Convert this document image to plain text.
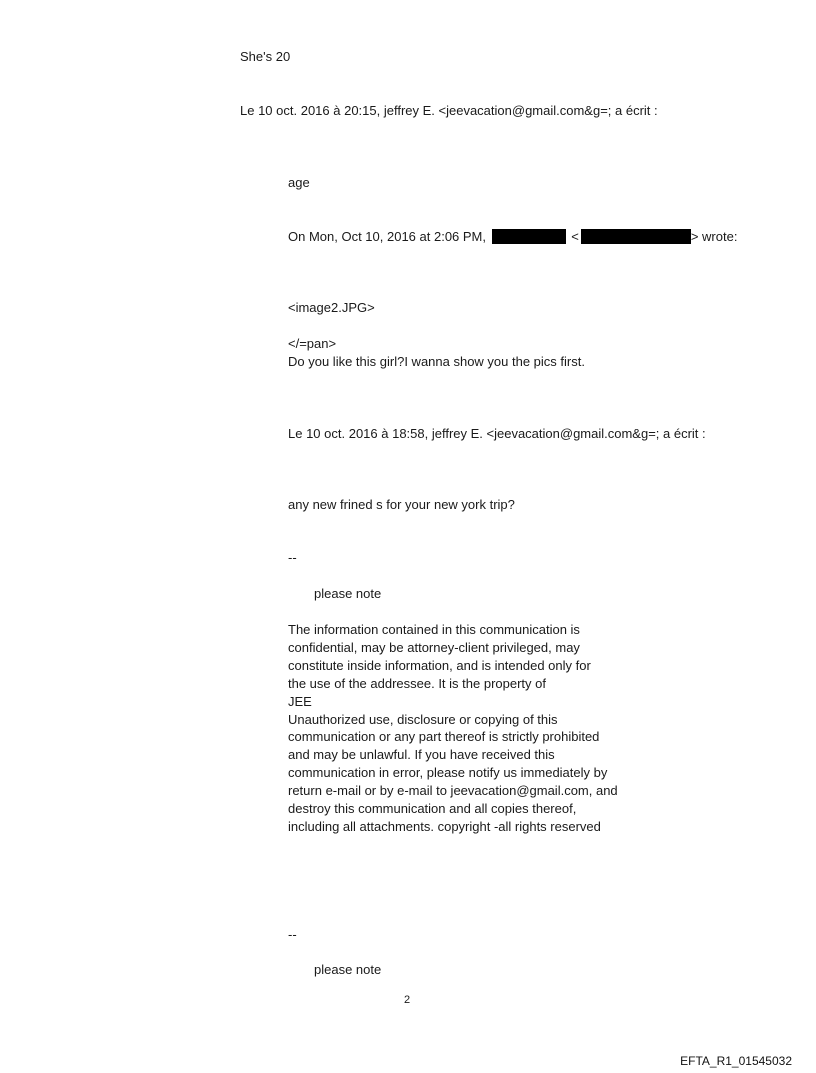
She's 20
Le 10 oct. 2016 à 20:15, jeffrey E. <jeevacation@gmail.com&g=; a écrit :
age
On Mon, Oct 10, 2016 at 2:06 PM,	<	> wrote:
<image2.JPG>
</=pan>
Do you like this girl?I wanna show you the pics first.
Le 10 oct. 2016 à 18:58, jeffrey E. <jeevacation@gmail.com&g=; a écrit :
any new frined s for your new york trip?
--
please note
The information contained in this communication is
confidential, may be attorney-client privileged, may
constitute inside information, and is intended only for
the use of the addressee. It is the property of
JEE
Unauthorized use, disclosure or copying of this
communication or any part thereof is strictly prohibited
and may be unlawful. If you have received this
communication in error, please notify us immediately by
return e-mail or by e-mail to jeevacation@gmail.com, and
destroy this communication and all copies thereof,
including all attachments. copyright -all rights reserved
--
please note
2
EFTA_R1_01545032
